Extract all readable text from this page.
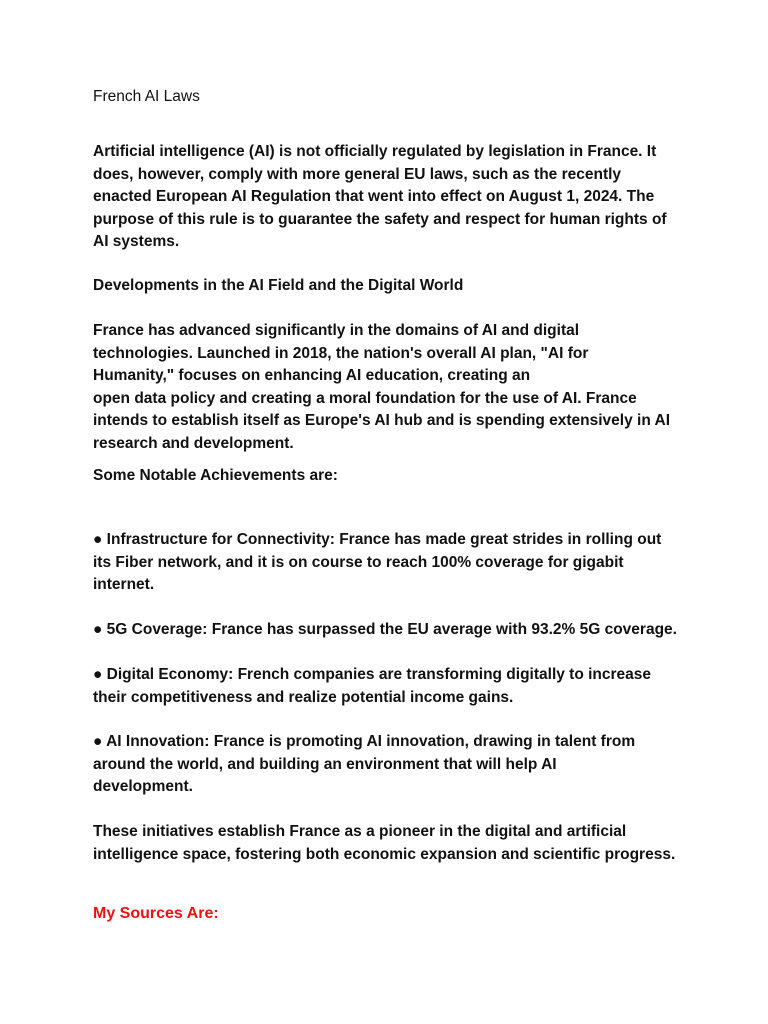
French AI Laws

Artificial intelligence (AI) is not officially regulated by legislation in France. It
does, however, comply with more general EU laws, such as the recently
enacted European AI Regulation that went into effect on August 1, 2024. The
purpose of this rule is to guarantee the safety and respect for human rights of
AI systems.

Developments in the AI Field and the Digital World

France has advanced significantly in the domains of AI and digital
technologies. Launched in 2018, the nation's overall AI plan, "AI for
Humanity," focuses on enhancing AI education, creating an
open data policy and creating a moral foundation for the use of AI. France
intends to establish itself as Europe's AI hub and is spending extensively in AI
research and development.

Some Notable Achievements are:

● Infrastructure for Connectivity: France has made great strides in rolling out
its Fiber network, and it is on course to reach 100% coverage for gigabit
internet.

● 5G Coverage: France has surpassed the EU average with 93.2% 5G coverage.

● Digital Economy: French companies are transforming digitally to increase
their competitiveness and realize potential income gains.

● AI Innovation: France is promoting AI innovation, drawing in talent from
around the world, and building an environment that will help AI
development.

These initiatives establish France as a pioneer in the digital and artificial
intelligence space, fostering both economic expansion and scientific progress.

My Sources Are:
